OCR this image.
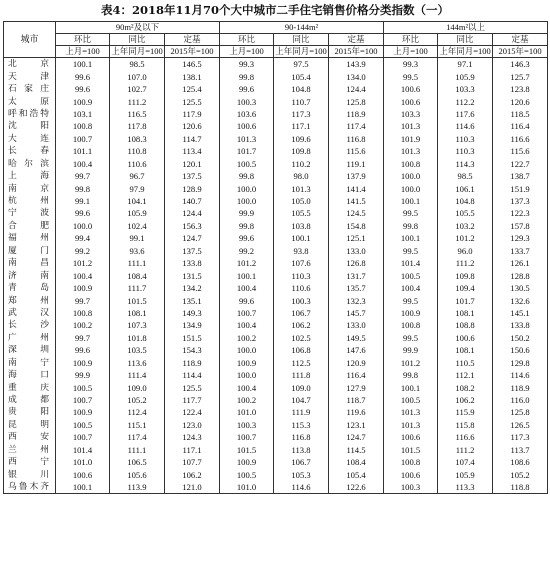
表4：2018年11月70个大中城市二手住宅销售价格分类指数（一）
城市	90m²及以下			90-144m²			144m²以上		
	环比	同比	定基	环比	同比	定基	环比	同比	定基
	上月=100	上年同月=100	2015年=100	上月=100	上年同月=100	2015年=100	上月=100	上年同月=100	2015年=100
北京	100.1	98.5	146.5	99.3	97.5	143.9	99.3	97.1	146.3
天津	99.6	107.0	138.1	99.8	105.4	134.0	99.5	105.9	125.7
石家庄	99.6	102.7	125.4	99.6	104.8	124.4	100.6	103.3	123.8
太原	100.9	111.2	125.5	100.3	110.7	125.8	100.6	112.2	120.6
呼和浩特	103.1	116.5	117.9	103.6	117.3	118.9	103.3	117.6	118.5
沈阳	100.8	117.8	120.6	100.6	117.1	117.4	101.3	114.6	116.4
大连	100.7	108.3	114.7	101.3	109.6	116.8	101.9	110.3	116.6
长春	101.1	110.8	113.4	101.7	109.8	115.6	101.3	110.3	115.6
哈尔滨	100.4	110.6	120.1	100.5	110.2	119.1	100.8	114.3	122.7
上海	99.7	96.7	137.5	99.8	98.0	137.9	100.0	98.5	138.7
南京	99.8	97.9	128.9	100.0	101.3	141.4	100.0	106.1	151.9
杭州	99.1	104.1	140.7	100.0	105.0	141.5	100.1	104.8	137.3
宁波	99.6	105.9	124.4	99.9	105.5	124.5	99.5	105.5	122.3
合肥	100.0	102.4	156.3	99.8	103.8	154.8	99.8	103.2	157.8
福州	99.4	99.1	124.7	99.6	100.1	125.1	100.1	101.2	129.3
厦门	99.2	93.6	137.5	99.2	93.8	133.0	99.5	96.0	133.7
南昌	101.2	111.1	133.8	101.2	107.6	126.8	101.4	111.2	126.1
济南	100.4	108.4	131.5	100.1	110.3	131.7	100.5	109.8	128.8
青岛	100.9	111.7	134.2	100.4	110.6	135.7	100.4	109.4	130.5
郑州	99.7	101.5	135.1	99.6	100.3	132.3	99.5	101.7	132.6
武汉	100.8	108.1	149.3	100.7	106.7	145.7	100.9	108.1	145.1
长沙	100.2	107.3	134.9	100.4	106.2	133.0	100.8	108.8	133.8
广州	99.7	101.8	151.5	100.2	102.5	149.5	99.5	100.6	150.2
深圳	99.6	103.5	154.3	100.0	106.8	147.6	99.9	108.1	150.6
南宁	100.9	113.6	118.9	100.9	112.5	120.9	101.2	110.5	129.8
海口	99.9	111.4	114.4	100.0	111.8	116.4	99.8	112.1	114.6
重庆	100.5	109.0	125.5	100.4	109.0	127.9	100.1	108.2	118.9
成都	100.7	105.2	117.7	100.2	104.7	118.7	100.5	106.2	116.0
贵阳	100.9	112.4	122.4	101.0	111.9	119.6	101.3	115.9	125.8
昆明	100.5	115.1	123.0	100.3	115.3	123.1	101.3	115.8	126.5
西安	100.7	117.4	124.3	100.7	116.8	124.7	100.6	116.6	117.3
兰州	101.4	111.1	117.1	101.5	113.8	114.5	101.5	111.2	113.7
西宁	101.0	106.5	107.7	100.9	106.7	108.4	100.8	107.4	108.6
银川	100.6	105.6	106.2	100.5	105.3	105.4	100.6	105.9	105.2
乌鲁木齐	100.1	113.9	121.0	101.0	114.6	122.6	100.3	113.3	118.8
